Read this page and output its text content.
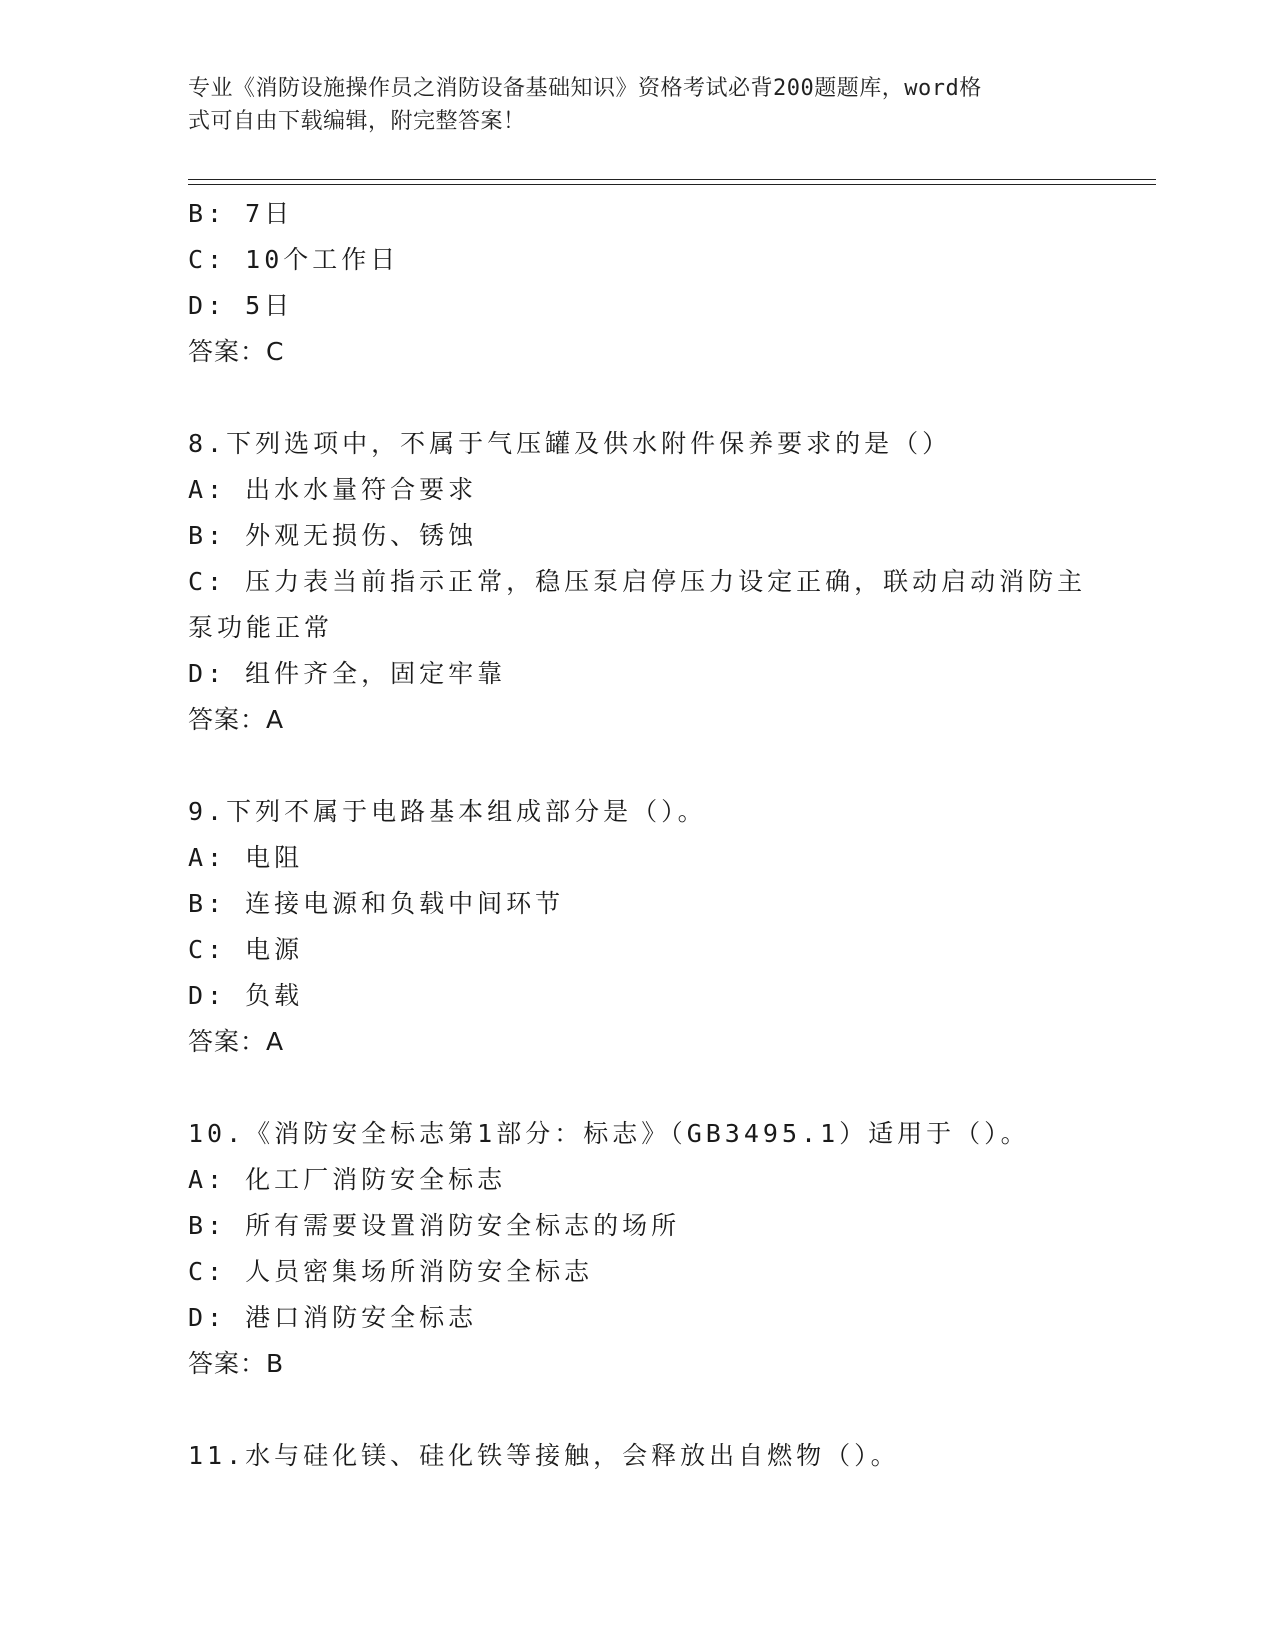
专业《消防设施操作员之消防设备基础知识》资格考试必背200题题库，word格
式可自由下载编辑，附完整答案！
B: 7日
C: 10个工作日
D: 5日
答案：C
8.下列选项中，不属于气压罐及供水附件保养要求的是（）
A: 出水水量符合要求
B: 外观无损伤、锈蚀
C: 压力表当前指示正常，稳压泵启停压力设定正确，联动启动消防主
泵功能正常
D: 组件齐全，固定牢靠
答案：A
9.下列不属于电路基本组成部分是（）。
A: 电阻
B: 连接电源和负载中间环节
C: 电源
D: 负载
答案：A
10.《消防安全标志第1部分：标志》（GB3495.1）适用于（）。
A: 化工厂消防安全标志
B: 所有需要设置消防安全标志的场所
C: 人员密集场所消防安全标志
D: 港口消防安全标志
答案：B
11.水与硅化镁、硅化铁等接触，会释放出自燃物（）。
